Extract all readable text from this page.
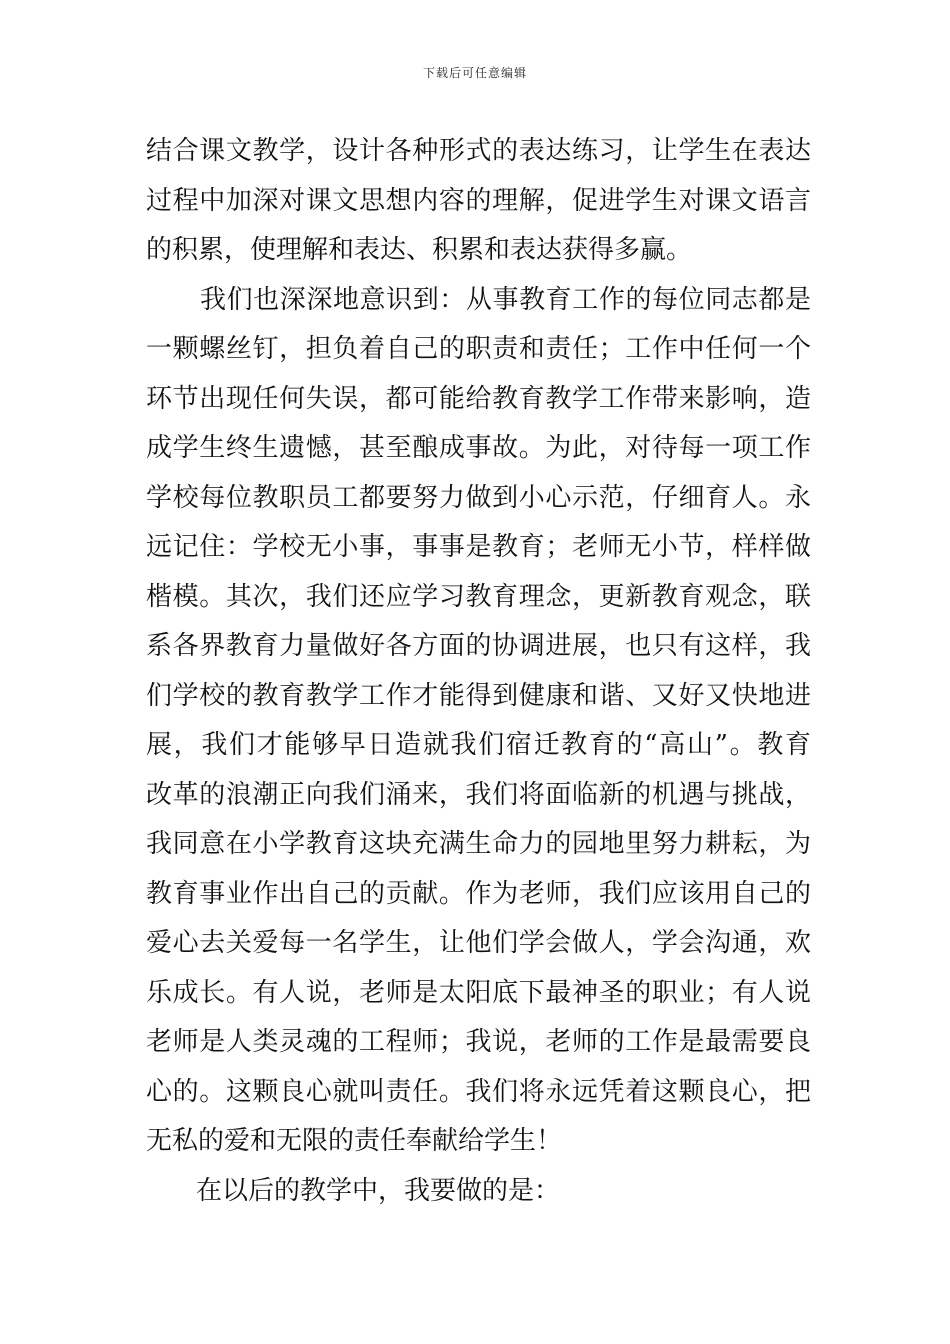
下载后可任意编辑
结合课文教学，设计各种形式的表达练习，让学生在表达
过程中加深对课文思想内容的理解，促进学生对课文语言
的积累，使理解和表达、积累和表达获得多赢。
我们也深深地意识到：从事教育工作的每位同志都是
一颗螺丝钉，担负着自己的职责和责任；工作中任何一个
环节出现任何失误，都可能给教育教学工作带来影响，造
成学生终生遗憾，甚至酿成事故。为此，对待每一项工作
学校每位教职员工都要努力做到小心示范，仔细育人。永
远记住：学校无小事，事事是教育；老师无小节，样样做
楷模。其次，我们还应学习教育理念，更新教育观念，联
系各界教育力量做好各方面的协调进展，也只有这样，我
们学校的教育教学工作才能得到健康和谐、又好又快地进
展，我们才能够早日造就我们宿迁教育的“高山”。教育
改革的浪潮正向我们涌来，我们将面临新的机遇与挑战，
我同意在小学教育这块充满生命力的园地里努力耕耘，为
教育事业作出自己的贡献。作为老师，我们应该用自己的
爱心去关爱每一名学生，让他们学会做人，学会沟通，欢
乐成长。有人说，老师是太阳底下最神圣的职业；有人说
老师是人类灵魂的工程师；我说，老师的工作是最需要良
心的。这颗良心就叫责任。我们将永远凭着这颗良心，把
无私的爱和无限的责任奉献给学生！
在以后的教学中，我要做的是：
